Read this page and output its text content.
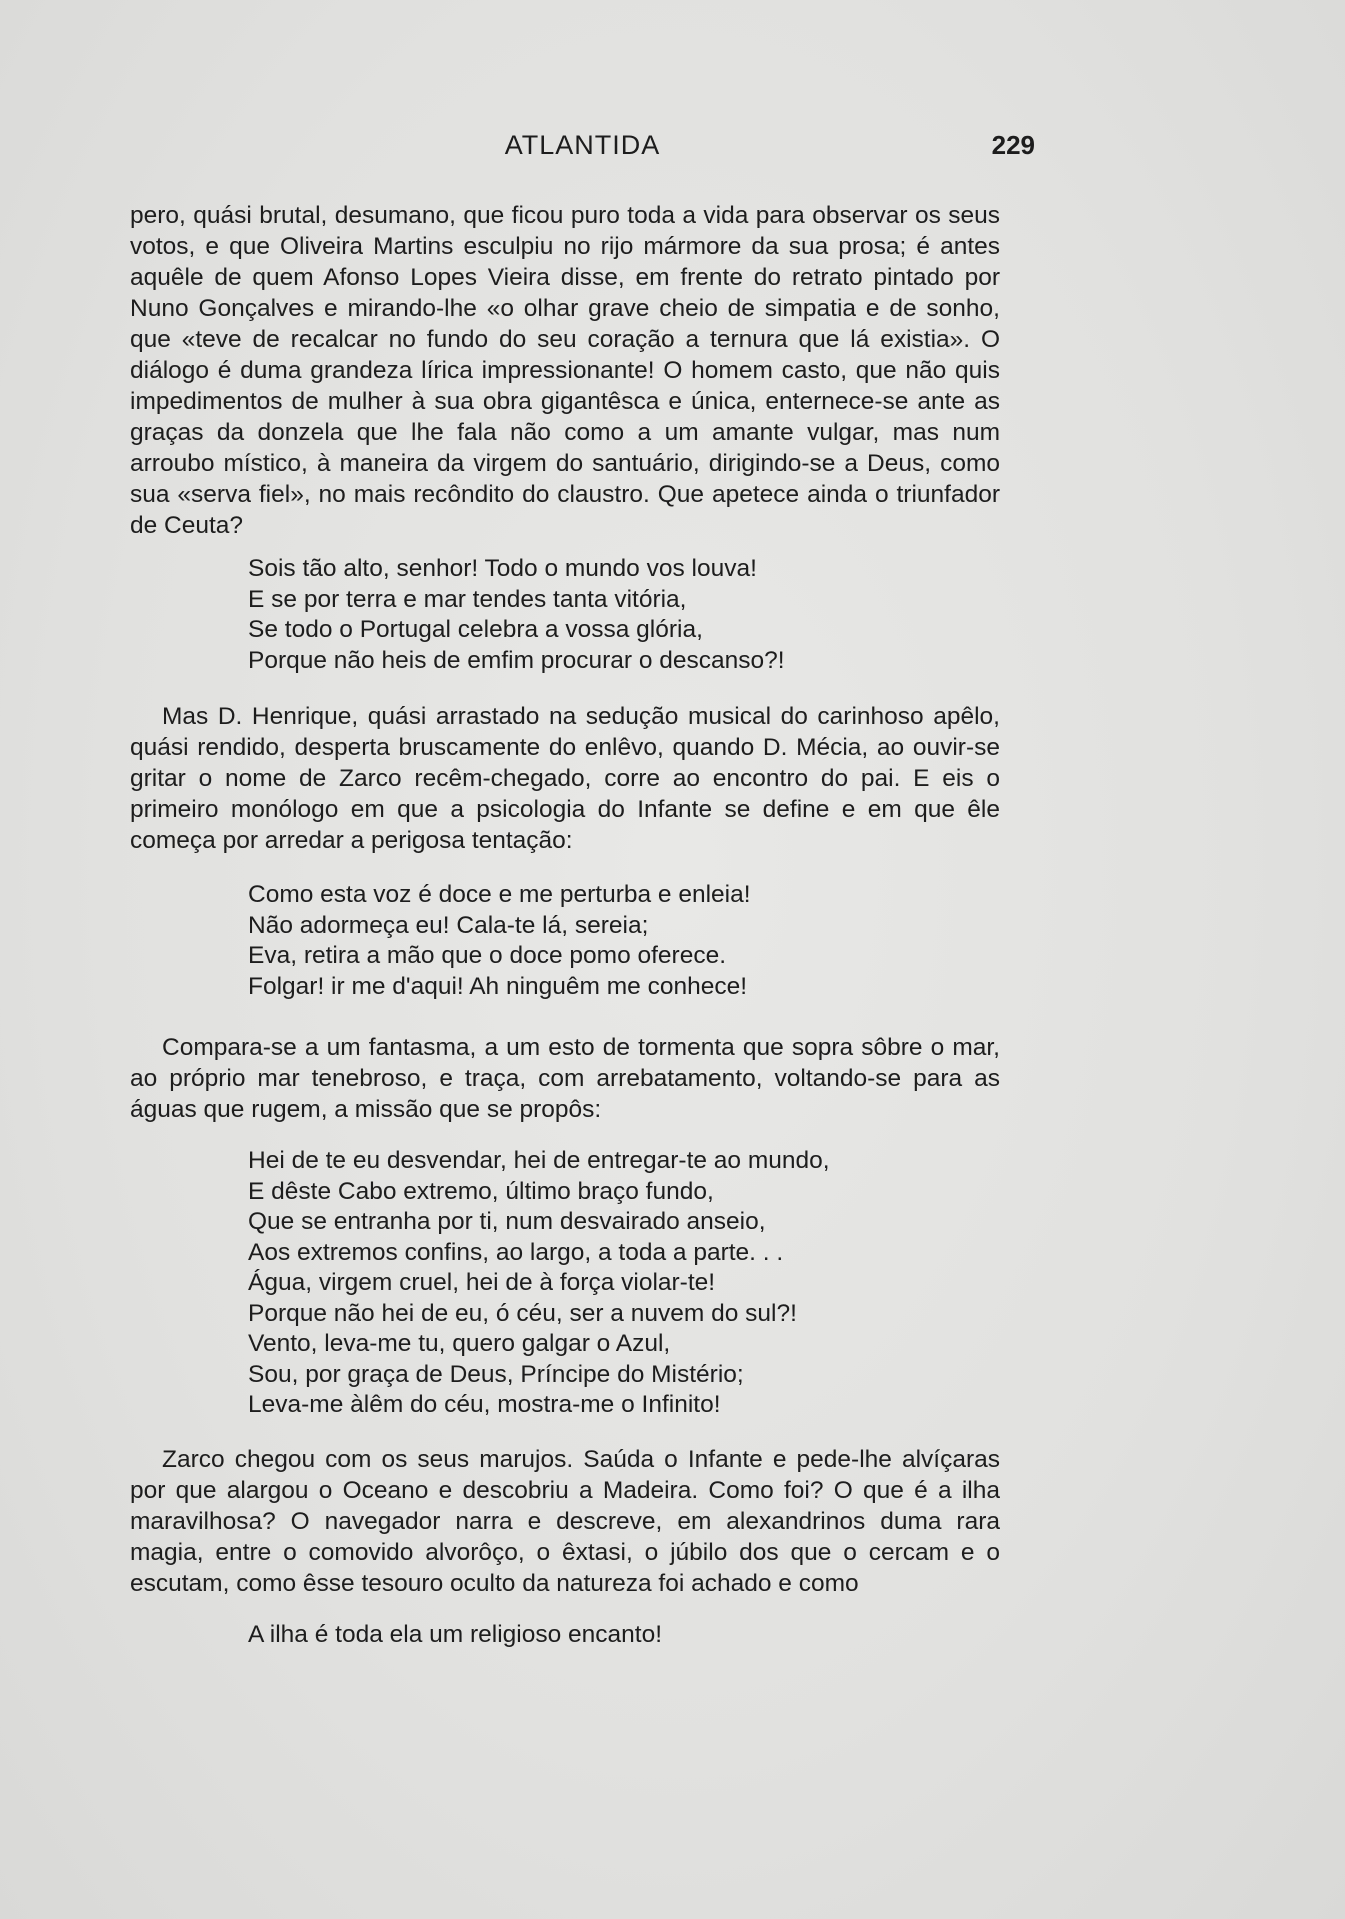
ATLANTIDA	229

pero, quási brutal, desumano, que ficou puro toda a vida para observar os seus votos, e que Oliveira Martins esculpiu no rijo mármore da sua prosa; é antes aquêle de quem Afonso Lopes Vieira disse, em frente do retrato pintado por Nuno Gonçalves e mirando-lhe «o olhar grave cheio de simpatia e de sonho, que «teve de recalcar no fundo do seu coração a ternura que lá existia». O diálogo é duma grandeza lírica impressionante! O homem casto, que não quis impedimentos de mulher à sua obra gigantêsca e única, enternece-se ante as graças da donzela que lhe fala não como a um amante vulgar, mas num arroubo místico, à maneira da virgem do santuário, dirigindo-se a Deus, como sua «serva fiel», no mais recôndito do claustro. Que apetece ainda o triunfador de Ceuta?

Sois tão alto, senhor! Todo o mundo vos louva!
E se por terra e mar tendes tanta vitória,
Se todo o Portugal celebra a vossa glória,
Porque não heis de emfim procurar o descanso?!

Mas D. Henrique, quási arrastado na sedução musical do carinhoso apêlo, quási rendido, desperta bruscamente do enlêvo, quando D. Mécia, ao ouvir-se gritar o nome de Zarco recêm-chegado, corre ao encontro do pai. E eis o primeiro monólogo em que a psicologia do Infante se define e em que êle começa por arredar a perigosa tentação:

Como esta voz é doce e me perturba e enleia!
Não adormeça eu! Cala-te lá, sereia;
Eva, retira a mão que o doce pomo oferece.
Folgar! ir me d'aqui! Ah ninguêm me conhece!

Compara-se a um fantasma, a um esto de tormenta que sopra sôbre o mar, ao próprio mar tenebroso, e traça, com arrebatamento, voltando-se para as águas que rugem, a missão que se propôs:

Hei de te eu desvendar, hei de entregar-te ao mundo,
E dêste Cabo extremo, último braço fundo,
Que se entranha por ti, num desvairado anseio,
Aos extremos confins, ao largo, a toda a parte. . .
Água, virgem cruel, hei de à força violar-te!
Porque não hei de eu, ó céu, ser a nuvem do sul?!
Vento, leva-me tu, quero galgar o Azul,
Sou, por graça de Deus, Príncipe do Mistério;
Leva-me àlêm do céu, mostra-me o Infinito!

Zarco chegou com os seus marujos. Saúda o Infante e pede-lhe alvíçaras por que alargou o Oceano e descobriu a Madeira. Como foi? O que é a ilha maravilhosa? O navegador narra e descreve, em alexandrinos duma rara magia, entre o comovido alvorôço, o êxtasi, o júbilo dos que o cercam e o escutam, como êsse tesouro oculto da natureza foi achado e como

A ilha é toda ela um religioso encanto!
